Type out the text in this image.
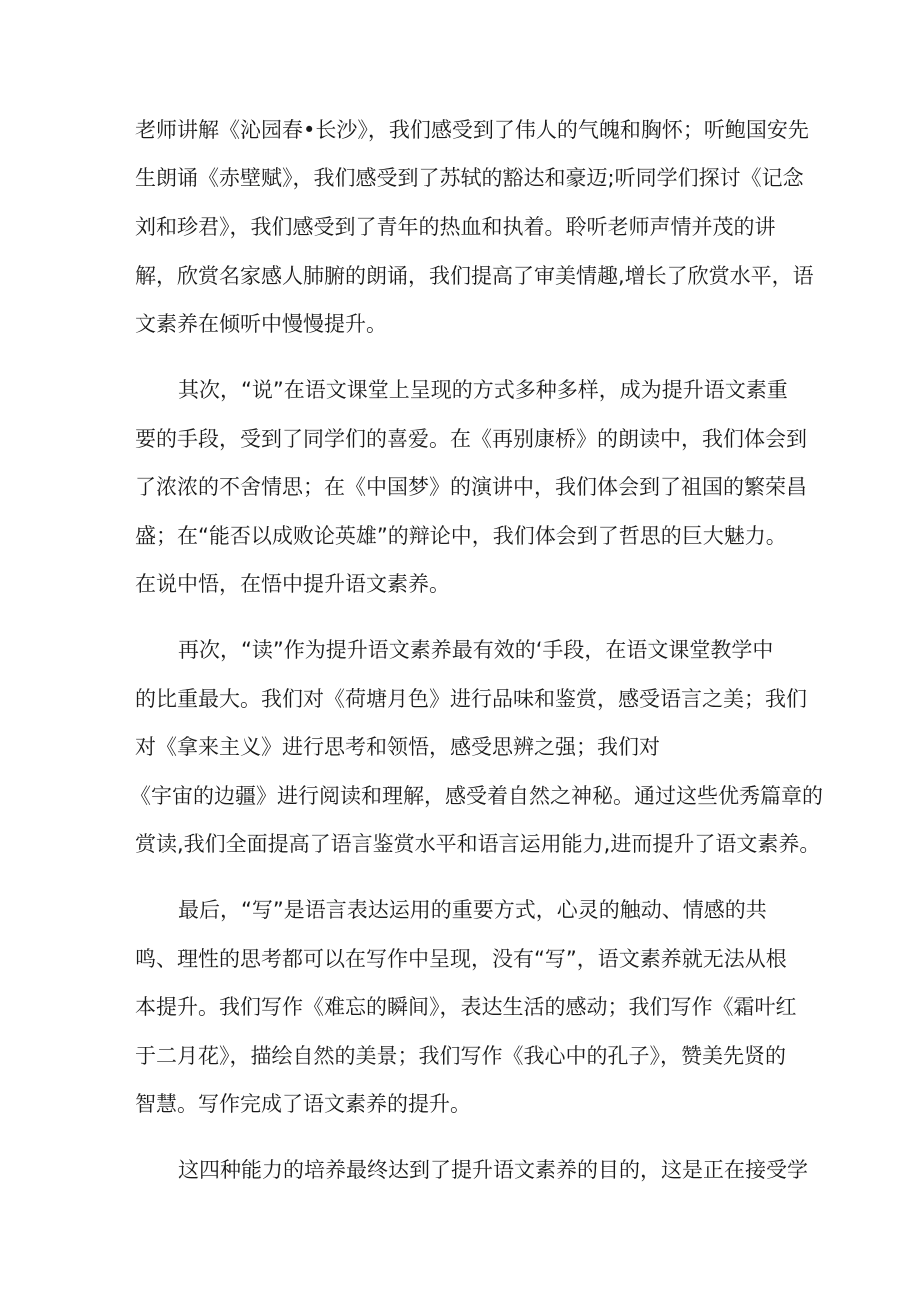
老师讲解《沁园春•长沙》，我们感受到了伟人的气魄和胸怀；听鲍国安先
生朗诵《赤壁赋》，我们感受到了苏轼的豁达和豪迈;听同学们探讨《记念
刘和珍君》，我们感受到了青年的热血和执着。聆听老师声情并茂的讲
解，欣赏名家感人肺腑的朗诵，我们提高了审美情趣,增长了欣赏水平，语
文素养在倾听中慢慢提升。
其次，“说”在语文课堂上呈现的方式多种多样，成为提升语文素重
要的手段，受到了同学们的喜爱。在《再别康桥》的朗读中，我们体会到
了浓浓的不舍情思；在《中国梦》的演讲中，我们体会到了祖国的繁荣昌
盛；在“能否以成败论英雄”的辩论中，我们体会到了哲思的巨大魅力。
在说中悟，在悟中提升语文素养。
再次，“读”作为提升语文素养最有效的‘手段，在语文课堂教学中
的比重最大。我们对《荷塘月色》进行品味和鉴赏，感受语言之美；我们
对《拿来主义》进行思考和领悟，感受思辨之强；我们对
《宇宙的边疆》进行阅读和理解，感受着自然之神秘。通过这些优秀篇章的
赏读,我们全面提高了语言鉴赏水平和语言运用能力,进而提升了语文素养。
最后，“写”是语言表达运用的重要方式，心灵的触动、情感的共
鸣、理性的思考都可以在写作中呈现，没有“写”，语文素养就无法从根
本提升。我们写作《难忘的瞬间》，表达生活的感动；我们写作《霜叶红
于二月花》，描绘自然的美景；我们写作《我心中的孔子》，赞美先贤的
智慧。写作完成了语文素养的提升。
这四种能力的培养最终达到了提升语文素养的目的，这是正在接受学
